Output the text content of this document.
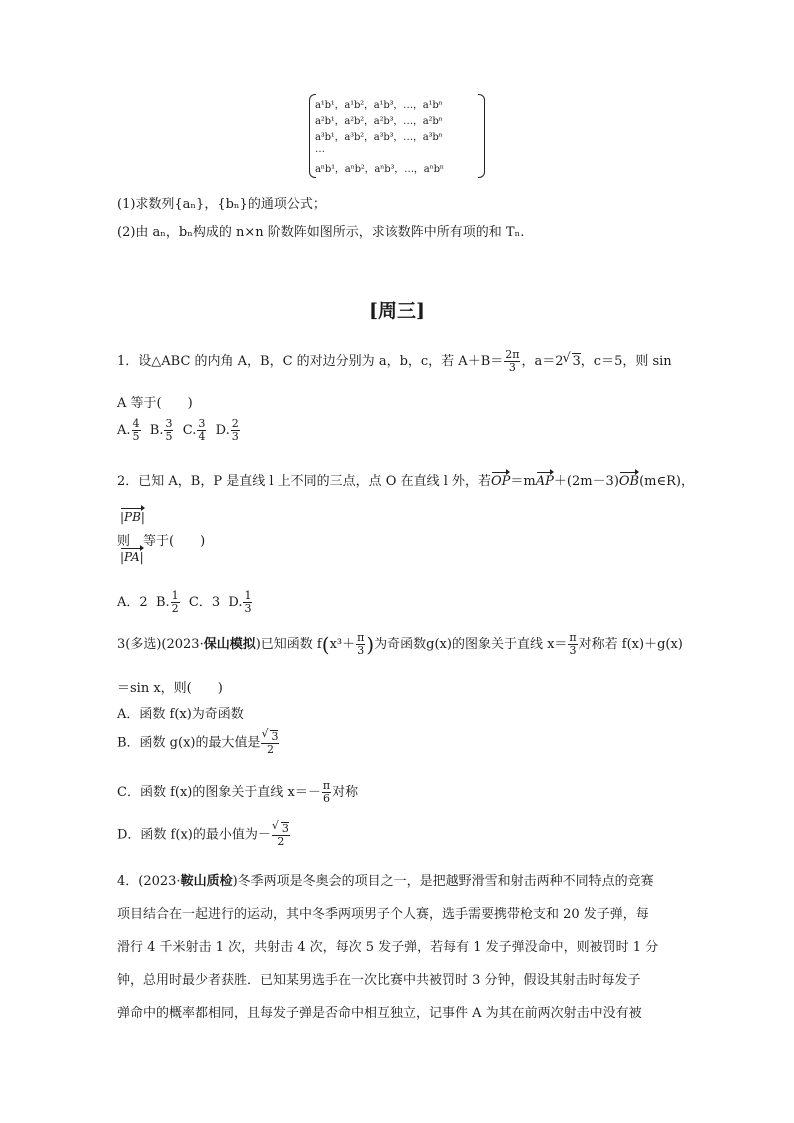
a¹b¹，a¹b²，a¹b³，…，a¹bⁿ
a²b¹，a²b²，a²b³，…，a²bⁿ
a³b¹，a³b²，a³b³，…，a³bⁿ
…
aⁿb¹，aⁿb²，aⁿb³，…，aⁿbⁿ
(1)求数列{aₙ}，{bₙ}的通项公式；
(2)由 aₙ，bₙ构成的 n×n 阶数阵如图所示，求该数阵中所有项的和 Tₙ.
[周三]
1．设△ABC 的内角 A，B，C 的对边分别为 a，b，c，若 $A+B= \frac{2\pi}{3}$ ，a＝2 √ 3，c＝5，则 sin
A 等于(　　)
A. $\frac{4}{5} B$. $\frac{3}{5} C$. $\frac{3}{4} D$. $\frac{2}{3}$
2．已知 A，B，P 是直线 l 上不同的三点，点 O 在直线 l 外，若OP＝mAP＋(2m－3)OB(m∈R)，
|PB|
则　等于(　　)
|PA|
A．2 B. $\frac{1}{2}$ C．3 D. $\frac{1}{3}$
3(多选)(2023·保山模拟)已知函数 $f(x^3+ \frac{\pi}{3}$ )为奇函数g(x)的图象关于直线 $x= \frac{\pi}{3}$ 对称若 f(x)＋g(x)
＝sin x，则(　　)
A．函数 f(x)为奇函数
B．函数 g(x)的最大值是 √ $\frac{3}{2}$
C．函数 f(x)的图象关于直线 $x=- \frac{\pi}{6}$ 对称
D．函数 f(x)的最小值为－ √ $\frac{3}{2}$
4．(2023·鞍山质检)冬季两项是冬奥会的项目之一，是把越野滑雪和射击两种不同特点的竞赛
项目结合在一起进行的运动，其中冬季两项男子个人赛，选手需要携带枪支和 20 发子弹，每
滑行 4 千米射击 1 次，共射击 4 次，每次 5 发子弹，若每有 1 发子弹没命中，则被罚时 1 分
钟，总用时最少者获胜．已知某男选手在一次比赛中共被罚时 3 分钟，假设其射击时每发子
弹命中的概率都相同，且每发子弹是否命中相互独立，记事件 A 为其在前两次射击中没有被
